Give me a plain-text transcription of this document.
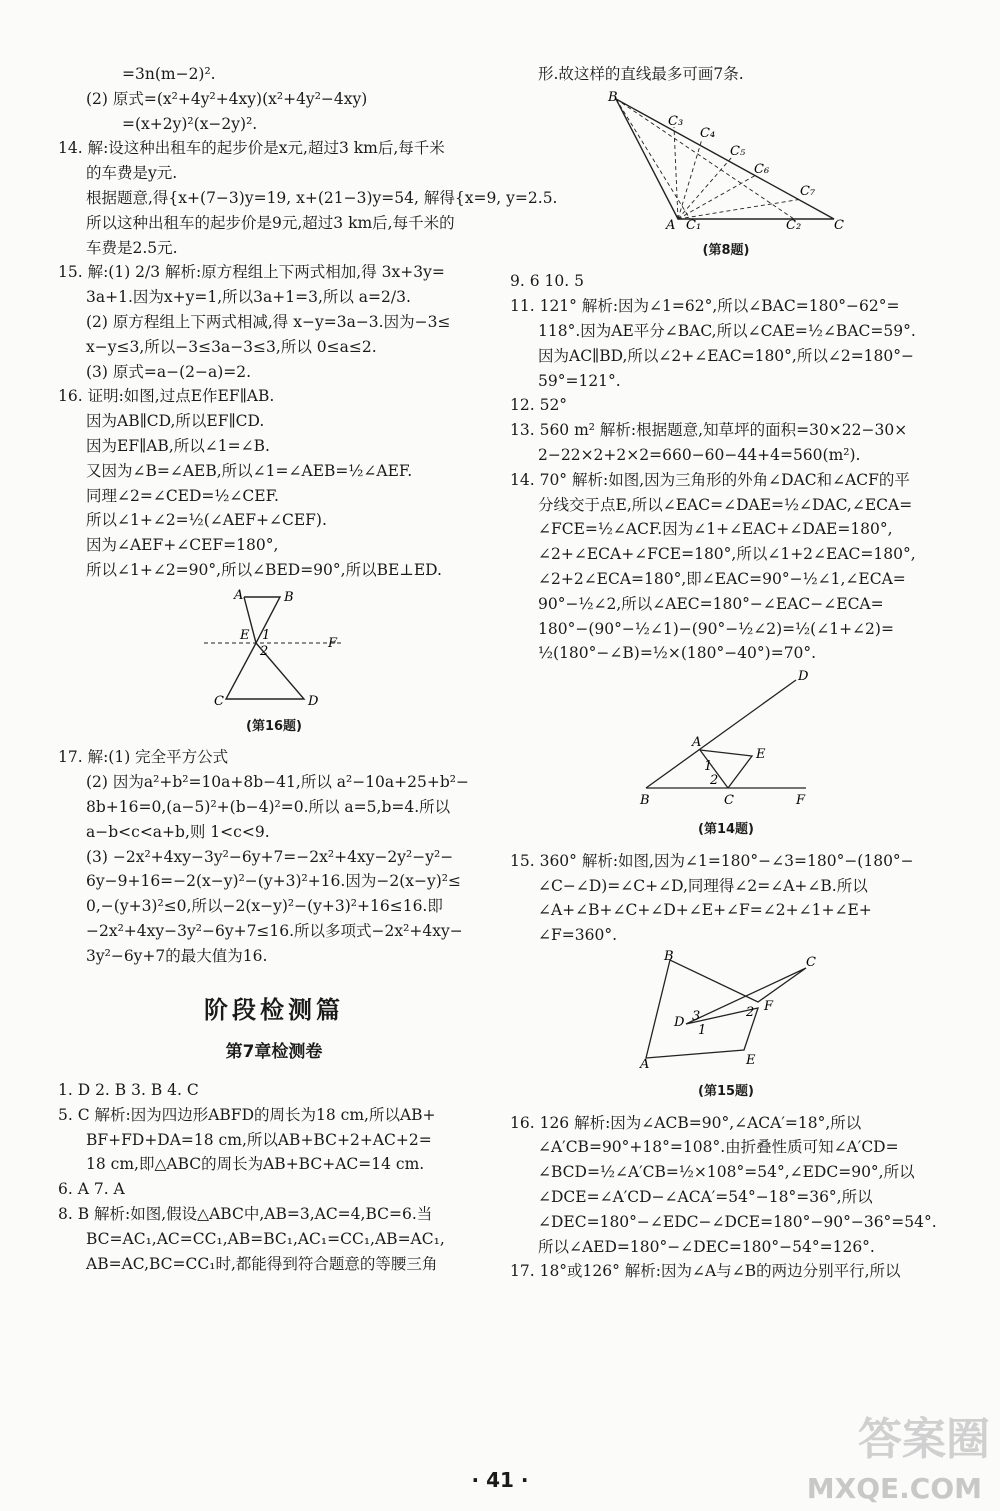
=3n(m−2)².
(2) 原式=(x²+4y²+4xy)(x²+4y²−4xy)
=(x+2y)²(x−2y)².
14. 解:设这种出租车的起步价是x元,超过3 km后,每千米
的车费是y元.
根据题意,得{x+(7−3)y=19, x+(21−3)y=54, 解得{x=9, y=2.5.
所以这种出租车的起步价是9元,超过3 km后,每千米的
车费是2.5元.
15. 解:(1) 2/3 解析:原方程组上下两式相加,得 3x+3y=
3a+1.因为x+y=1,所以3a+1=3,所以 a=2/3.
(2) 原方程组上下两式相减,得 x−y=3a−3.因为−3≤
x−y≤3,所以−3≤3a−3≤3,所以 0≤a≤2.
(3) 原式=a−(2−a)=2.
16. 证明:如图,过点E作EF∥AB.
因为AB∥CD,所以EF∥CD.
因为EF∥AB,所以∠1=∠B.
又因为∠B=∠AEB,所以∠1=∠AEB=½∠AEF.
同理∠2=∠CED=½∠CEF.
所以∠1+∠2=½(∠AEF+∠CEF).
因为∠AEF+∠CEF=180°,
所以∠1+∠2=90°,所以∠BED=90°,所以BE⊥ED.
A	B
E
F
1
2
C	D
(第16题)
17. 解:(1) 完全平方公式
(2) 因为a²+b²=10a+8b−41,所以 a²−10a+25+b²−
8b+16=0,(a−5)²+(b−4)²=0.所以 a=5,b=4.所以
a−b<c<a+b,则 1<c<9.
(3) −2x²+4xy−3y²−6y+7=−2x²+4xy−2y²−y²−
6y−9+16=−2(x−y)²−(y+3)²+16.因为−2(x−y)²≤
0,−(y+3)²≤0,所以−2(x−y)²−(y+3)²+16≤16.即
−2x²+4xy−3y²−6y+7≤16.所以多项式−2x²+4xy−
3y²−6y+7的最大值为16.
阶段检测篇
第7章检测卷
1. D 2. B 3. B 4. C
5. C 解析:因为四边形ABFD的周长为18 cm,所以AB+
BF+FD+DA=18 cm,所以AB+BC+2+AC+2=
18 cm,即△ABC的周长为AB+BC+AC=14 cm.
6. A 7. A
8. B 解析:如图,假设△ABC中,AB=3,AC=4,BC=6.当
BC=AC₁,AC=CC₁,AB=BC₁,AC₁=CC₁,AB=AC₁,
AB=AC,BC=CC₁时,都能得到符合题意的等腰三角
形.故这样的直线最多可画7条.
B
A C₁	C₂	C
C₃
C₄
C₅
C₆
C₇
(第8题)
9. 6 10. 5
11. 121° 解析:因为∠1=62°,所以∠BAC=180°−62°=
118°.因为AE平分∠BAC,所以∠CAE=½∠BAC=59°.
因为AC∥BD,所以∠2+∠EAC=180°,所以∠2=180°−
59°=121°.
12. 52°
13. 560 m² 解析:根据题意,知草坪的面积=30×22−30×
2−22×2+2×2=660−60−44+4=560(m²).
14. 70° 解析:如图,因为三角形的外角∠DAC和∠ACF的平
分线交于点E,所以∠EAC=∠DAE=½∠DAC,∠ECA=
∠FCE=½∠ACF.因为∠1+∠EAC+∠DAE=180°,
∠2+∠ECA+∠FCE=180°,所以∠1+2∠EAC=180°,
∠2+2∠ECA=180°,即∠EAC=90°−½∠1,∠ECA=
90°−½∠2,所以∠AEC=180°−∠EAC−∠ECA=
180°−(90°−½∠1)−(90°−½∠2)=½(∠1+∠2)=
½(180°−∠B)=½×(180°−40°)=70°.
A
E
D
1
2
B	C	F
(第14题)
15. 360° 解析:如图,因为∠1=180°−∠3=180°−(180°−
∠C−∠D)=∠C+∠D,同理得∠2=∠A+∠B.所以
∠A+∠B+∠C+∠D+∠E+∠F=∠2+∠1+∠E+
∠F=360°.
B	C
F
E
D
A
2
1
3
(第15题)
16. 126 解析:因为∠ACB=90°,∠ACA′=18°,所以
∠A′CB=90°+18°=108°.由折叠性质可知∠A′CD=
∠BCD=½∠A′CB=½×108°=54°,∠EDC=90°,所以
∠DCE=∠A′CD−∠ACA′=54°−18°=36°,所以
∠DEC=180°−∠EDC−∠DCE=180°−90°−36°=54°.
所以∠AED=180°−∠DEC=180°−54°=126°.
17. 18°或126° 解析:因为∠A与∠B的两边分别平行,所以
· 41 ·
答案圈
MXQE.COM
